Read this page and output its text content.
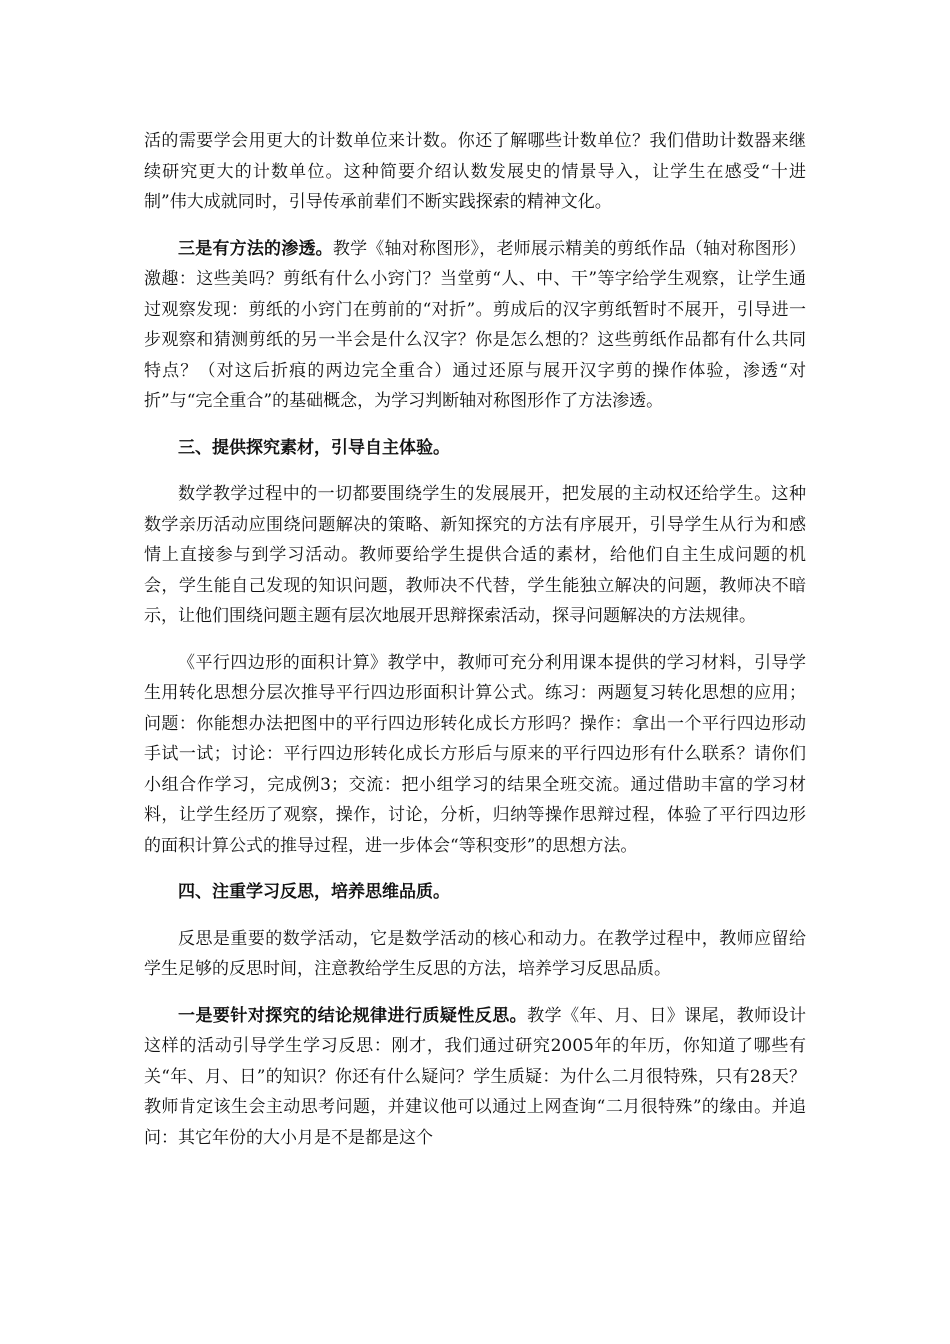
活的需要学会用更大的计数单位来计数。你还了解哪些计数单位？我们借助计数器来继续研究更大的计数单位。这种简要介绍认数发展史的情景导入，让学生在感受“十进制”伟大成就同时，引导传承前辈们不断实践探索的精神文化。

三是有方法的渗透。教学《轴对称图形》，老师展示精美的剪纸作品（轴对称图形）激趣：这些美吗？剪纸有什么小窍门？当堂剪“人、中、干”等字给学生观察，让学生通过观察发现：剪纸的小窍门在剪前的“对折”。剪成后的汉字剪纸暂时不展开，引导进一步观察和猜测剪纸的另一半会是什么汉字？你是怎么想的？这些剪纸作品都有什么共同特点？（对这后折痕的两边完全重合）通过还原与展开汉字剪的操作体验，渗透“对折”与“完全重合”的基础概念，为学习判断轴对称图形作了方法渗透。

三、提供探究素材，引导自主体验。

数学教学过程中的一切都要围绕学生的发展展开，把发展的主动权还给学生。这种数学亲历活动应围绕问题解决的策略、新知探究的方法有序展开，引导学生从行为和感情上直接参与到学习活动。教师要给学生提供合适的素材，给他们自主生成问题的机会，学生能自己发现的知识问题，教师决不代替，学生能独立解决的问题，教师决不暗示，让他们围绕问题主题有层次地展开思辩探索活动，探寻问题解决的方法规律。

《平行四边形的面积计算》教学中，教师可充分利用课本提供的学习材料，引导学生用转化思想分层次推导平行四边形面积计算公式。练习：两题复习转化思想的应用；问题：你能想办法把图中的平行四边形转化成长方形吗？操作：拿出一个平行四边形动手试一试；讨论：平行四边形转化成长方形后与原来的平行四边形有什么联系？请你们小组合作学习，完成例3；交流：把小组学习的结果全班交流。通过借助丰富的学习材料，让学生经历了观察，操作，讨论，分析，归纳等操作思辩过程，体验了平行四边形的面积计算公式的推导过程，进一步体会“等积变形”的思想方法。

四、注重学习反思，培养思维品质。

反思是重要的数学活动，它是数学活动的核心和动力。在教学过程中，教师应留给学生足够的反思时间，注意教给学生反思的方法，培养学习反思品质。

一是要针对探究的结论规律进行质疑性反思。教学《年、月、日》课尾，教师设计这样的活动引导学生学习反思：刚才，我们通过研究2005年的年历，你知道了哪些有关“年、月、日”的知识？你还有什么疑问？学生质疑：为什么二月很特殊，只有28天？教师肯定该生会主动思考问题，并建议他可以通过上网查询“二月很特殊”的缘由。并追问：其它年份的大小月是不是都是这个
